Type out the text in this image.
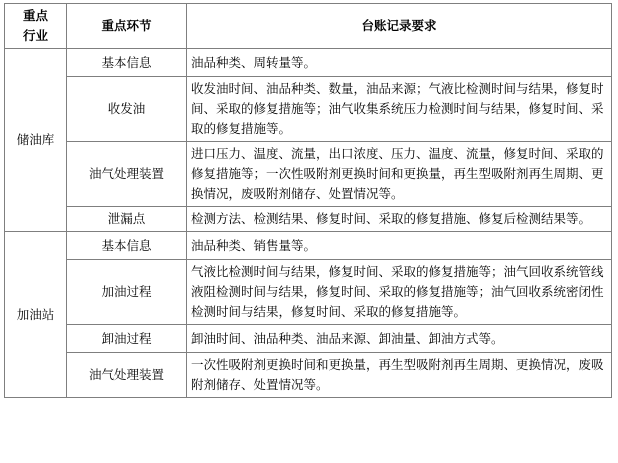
重点
行业	重点环节	台账记录要求
储油库	基本信息	油品种类、周转量等。
	收发油	收发油时间、油品种类、数量，油品来源；气液比检测时间与结果，修复时间、采取的修复措施等；油气收集系统压力检测时间与结果，修复时间、采取的修复措施等。
	油气处理装置	进口压力、温度、流量，出口浓度、压力、温度、流量，修复时间、采取的修复措施等；一次性吸附剂更换时间和更换量，再生型吸附剂再生周期、更换情况，废吸附剂储存、处置情况等。
	泄漏点	检测方法、检测结果、修复时间、采取的修复措施、修复后检测结果等。
加油站	基本信息	油品种类、销售量等。
	加油过程	气液比检测时间与结果，修复时间、采取的修复措施等；油气回收系统管线液阻检测时间与结果，修复时间、采取的修复措施等；油气回收系统密闭性检测时间与结果，修复时间、采取的修复措施等。
	卸油过程	卸油时间、油品种类、油品来源、卸油量、卸油方式等。
	油气处理装置	一次性吸附剂更换时间和更换量，再生型吸附剂再生周期、更换情况，废吸附剂储存、处置情况等。
